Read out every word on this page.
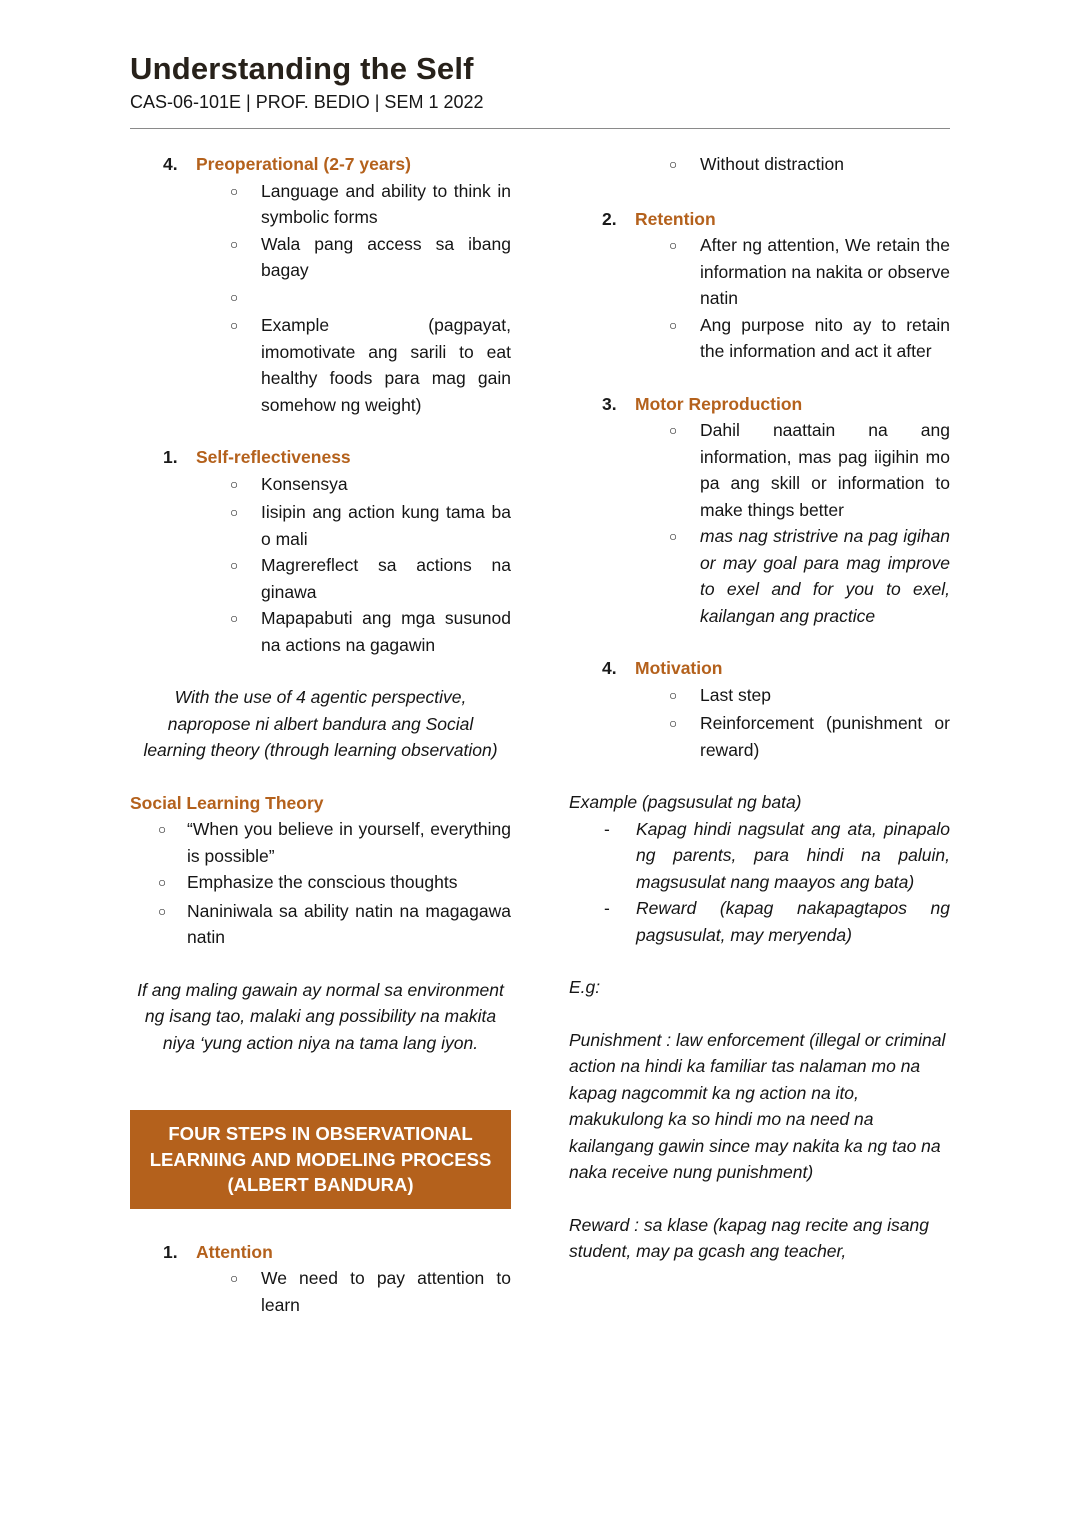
Understanding the Self
CAS-06-101E | PROF. BEDIO | SEM 1 2022
4.	Preoperational (2-7 years)
○
Language and ability to think in symbolic forms
○
Wala pang access sa ibang bagay
○
○
Example (pagpayat, imomotivate ang sarili to eat healthy foods para mag gain somehow ng weight)
1.	Self-reflectiveness
○
Konsensya
○
Iisipin ang action kung tama ba o mali
○
Magrereflect sa actions na ginawa
○
Mapapabuti ang mga susunod na actions na gagawin
With the use of 4 agentic perspective, napropose ni albert bandura ang Social learning theory (through learning observation)
Social Learning Theory
○
“When you believe in yourself, everything is possible”
○
Emphasize the conscious thoughts
○
Naniniwala sa ability natin na magagawa natin
If ang maling gawain ay normal sa environment ng isang tao, malaki ang possibility na makita niya ‘yung action niya na tama lang iyon.
FOUR STEPS IN OBSERVATIONAL LEARNING AND MODELING PROCESS (ALBERT BANDURA)
1.	Attention
○
We need to pay attention to learn
○
Without distraction
2.	Retention
○
After ng attention, We retain the information na nakita or observe natin
○
Ang purpose nito ay to retain the information and act it after
3.	Motor Reproduction
○
Dahil naattain na ang information, mas pag iigihin mo pa ang skill or information to make things better
○
mas nag stristrive na pag igihan or may goal para mag improve to exel and for you to exel, kailangan ang practice
4.	Motivation
○
Last step
○
Reinforcement (punishment or reward)
Example (pagsusulat ng bata)
-
Kapag hindi nagsulat ang ata, pinapalo ng parents, para hindi na paluin, magsusulat nang maayos ang bata)
-
Reward (kapag nakapagtapos ng pagsusulat, may meryenda)
E.g:
Punishment : law enforcement (illegal or criminal action na hindi ka familiar tas nalaman mo na kapag nagcommit ka ng action na ito, makukulong ka so hindi mo na need na kailangang gawin since may nakita ka ng tao na naka receive nung punishment)
Reward : sa klase (kapag nag recite ang isang student, may pa gcash ang teacher,
